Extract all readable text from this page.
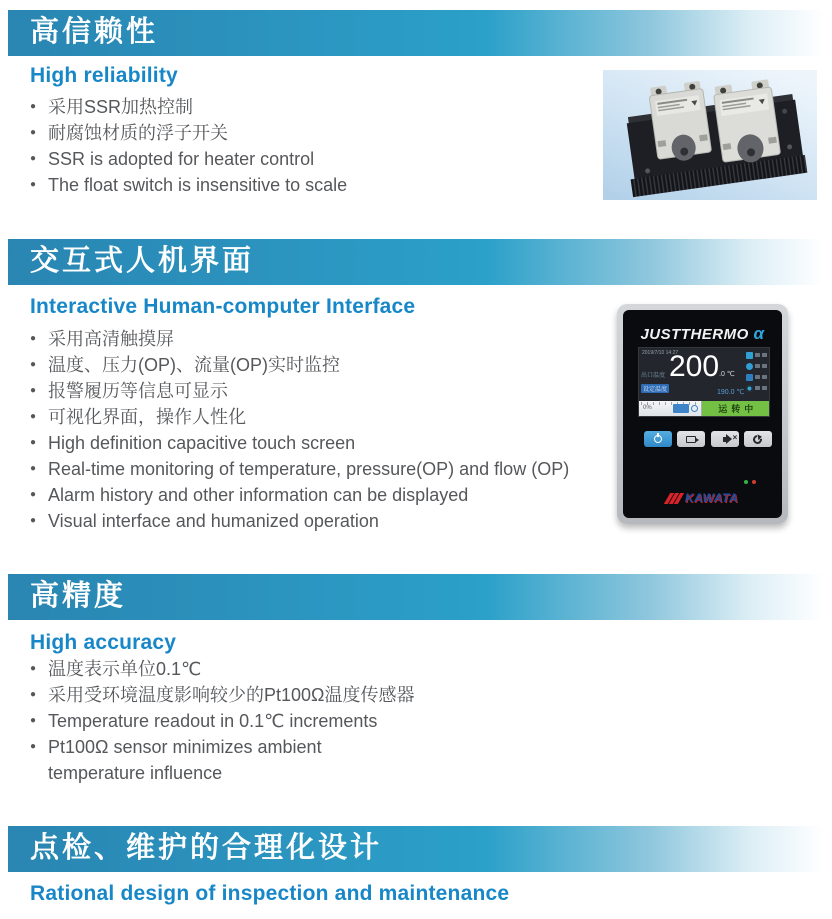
高信赖性
High reliability
● 采用SSR加热控制
● 耐腐蚀材质的浮子开关
● SSR is adopted for heater control
● The float switch is insensitive to scale
交互式人机界面
Interactive Human-computer Interface
● 采用高清触摸屏
● 温度、压力(OP)、流量(OP)实时监控
● 报警履历等信息可显示
● 可视化界面，操作人性化
● High definition capacitive touch screen
● Real-time monitoring of temperature, pressure(OP) and flow (OP)
● Alarm history and other information can be displayed
● Visual interface and humanized operation
JUSTTHERMO α
2019/7/10 14:27
出口温度
设定温度
200.0 ℃
190.0 ℃
0%	运转中
×
KAWATA
高精度
High accuracy
● 温度表示单位0.1℃
● 采用受环境温度影响较少的Pt100Ω温度传感器
● Temperature readout in 0.1℃ increments
● Pt100Ω sensor minimizes ambient
temperature influence
点检、维护的合理化设计
Rational design of inspection and maintenance
